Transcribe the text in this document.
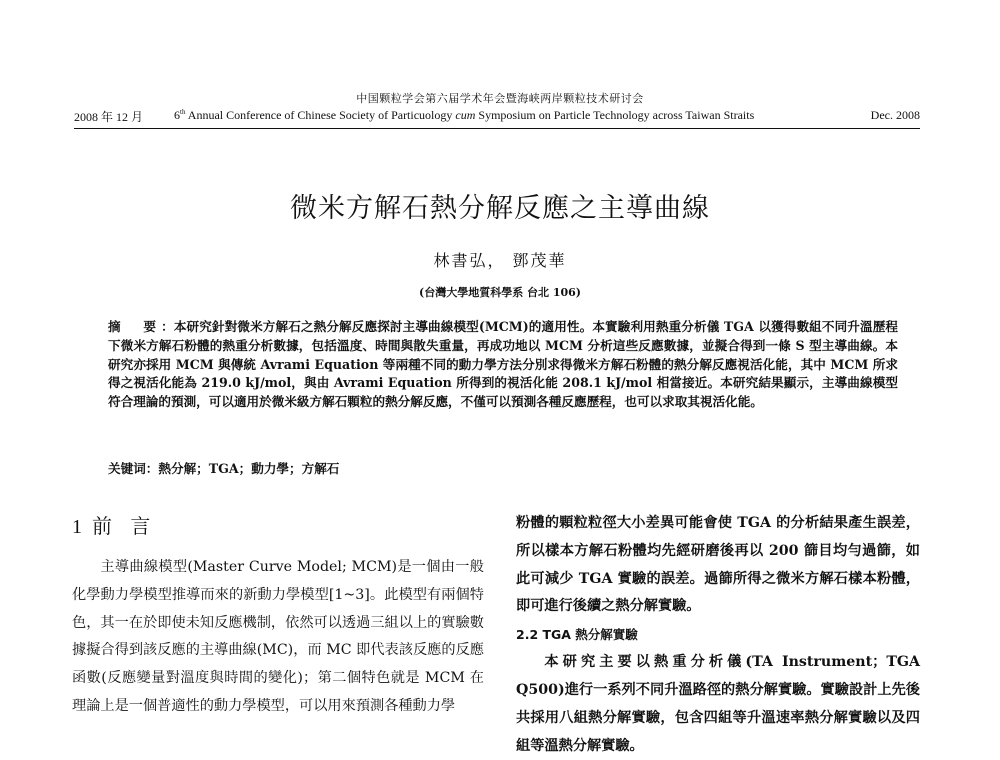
中国颗粒学会第六届学术年会暨海峡两岸颗粒技术研讨会
2008 年 12 月	6th Annual Conference of Chinese Society of Particuology cum Symposium on Particle Technology across Taiwan Straits	Dec. 2008
微米方解石熱分解反應之主導曲線
林書弘， 鄧茂華
(台灣大學地質科學系 台北 106)
摘　要：本研究針對微米方解石之熱分解反應探討主導曲線模型(MCM)的適用性。本實驗利用熱重分析儀 TGA 以獲得數組不同升溫歷程下微米方解石粉體的熱重分析數據，包括溫度、時間與散失重量，再成功地以 MCM 分析這些反應數據，並擬合得到一條 S 型主導曲線。本研究亦採用 MCM 與傳統 Avrami Equation 等兩種不同的動力學方法分別求得微米方解石粉體的熱分解反應視活化能，其中 MCM 所求得之視活化能為 219.0 kJ/mol，與由 Avrami Equation 所得到的視活化能 208.1 kJ/mol 相當接近。本研究結果顯示，主導曲線模型符合理論的預測，可以適用於微米級方解石顆粒的熱分解反應，不僅可以預測各種反應歷程，也可以求取其視活化能。
关键词：熱分解；TGA；動力學；方解石
1 前 言

主導曲線模型(Master Curve Model; MCM)是一個由一般化學動力學模型推導而來的新動力學模型[1~3]。此模型有兩個特色，其一在於即使未知反應機制，依然可以透過三組以上的實驗數據擬合得到該反應的主導曲線(MC)，而 MC 即代表該反應的反應函數(反應變量對溫度與時間的變化)；第二個特色就是 MCM 在理論上是一個普適性的動力學模型，可以用來預測各種動力學

粉體的顆粒粒徑大小差異可能會使 TGA 的分析結果產生誤差，所以樣本方解石粉體均先經研磨後再以 200 篩目均勻過篩，如此可減少 TGA 實驗的誤差。過篩所得之微米方解石樣本粉體，即可進行後續之熱分解實驗。

2.2 TGA 熱分解實驗

本研究主要以熱重分析儀(TA Instrument；TGA Q500)進行一系列不同升溫路徑的熱分解實驗。實驗設計上先後共採用八組熱分解實驗，包含四組等升溫速率熱分解實驗以及四組等溫熱分解實驗。
